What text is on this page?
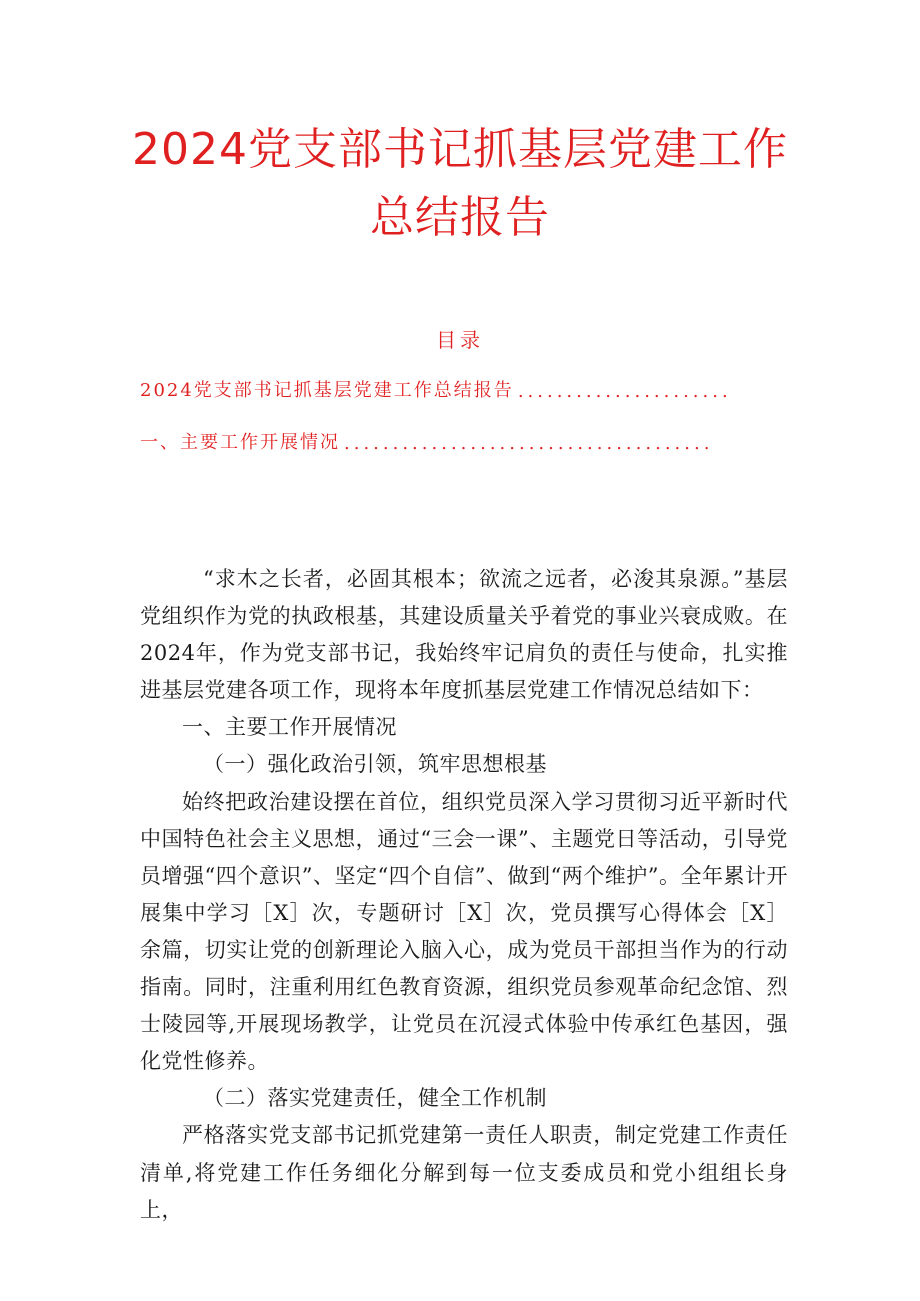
2024党支部书记抓基层党建工作
总结报告
目录
2024党支部书记抓基层党建工作总结报告 ......................
一、主要工作开展情况 ......................................

“求木之长者，必固其根本；欲流之远者，必浚其泉源。”基层党组织作为党的执政根基，其建设质量关乎着党的事业兴衰成败。在2024年，作为党支部书记，我始终牢记肩负的责任与使命，扎实推进基层党建各项工作，现将本年度抓基层党建工作情况总结如下：

一、主要工作开展情况

（一）强化政治引领，筑牢思想根基

始终把政治建设摆在首位，组织党员深入学习贯彻习近平新时代中国特色社会主义思想，通过“三会一课”、主题党日等活动，引导党员增强“四个意识”、坚定“四个自信”、做到“两个维护”。全年累计开展集中学习［X］次，专题研讨［X］次，党员撰写心得体会［X］余篇，切实让党的创新理论入脑入心，成为党员干部担当作为的行动指南。同时，注重利用红色教育资源，组织党员参观革命纪念馆、烈士陵园等,开展现场教学，让党员在沉浸式体验中传承红色基因，强化党性修养。

（二）落实党建责任，健全工作机制

严格落实党支部书记抓党建第一责任人职责，制定党建工作责任清单,将党建工作任务细化分解到每一位支委成员和党小组组长身上，
